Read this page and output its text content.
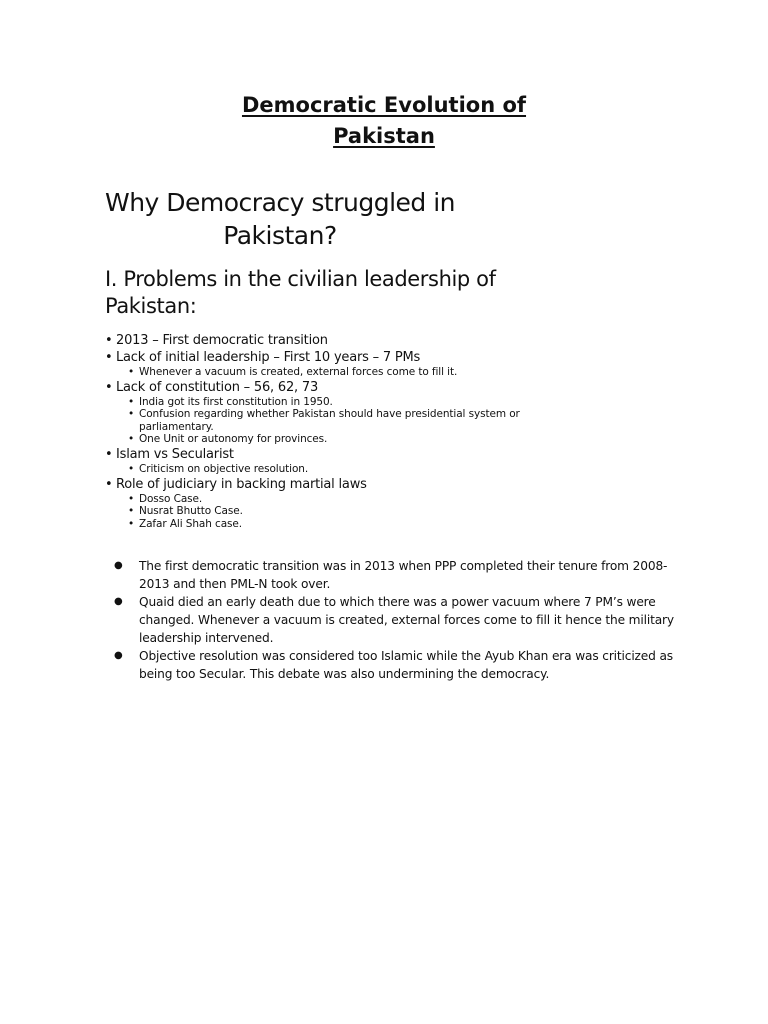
Democratic Evolution of
Pakistan
Why Democracy struggled in
Pakistan?
I. Problems in the civilian leadership of
Pakistan:
• 2013 – First democratic transition
• Lack of initial leadership – First 10 years – 7 PMs
• Whenever a vacuum is created, external forces come to fill it.
• Lack of constitution – 56, 62, 73
• India got its first constitution in 1950.
• Confusion regarding whether Pakistan should have presidential system or parliamentary.
• One Unit or autonomy for provinces.
• Islam vs Secularist
• Criticism on objective resolution.
• Role of judiciary in backing martial laws
• Dosso Case.
• Nusrat Bhutto Case.
• Zafar Ali Shah case.
● The first democratic transition was in 2013 when PPP completed their tenure from 2008-2013 and then PML-N took over.
● Quaid died an early death due to which there was a power vacuum where 7 PM’s were changed. Whenever a vacuum is created, external forces come to fill it hence the military leadership intervened.
● Objective resolution was considered too Islamic while the Ayub Khan era was criticized as being too Secular. This debate was also undermining the democracy.
